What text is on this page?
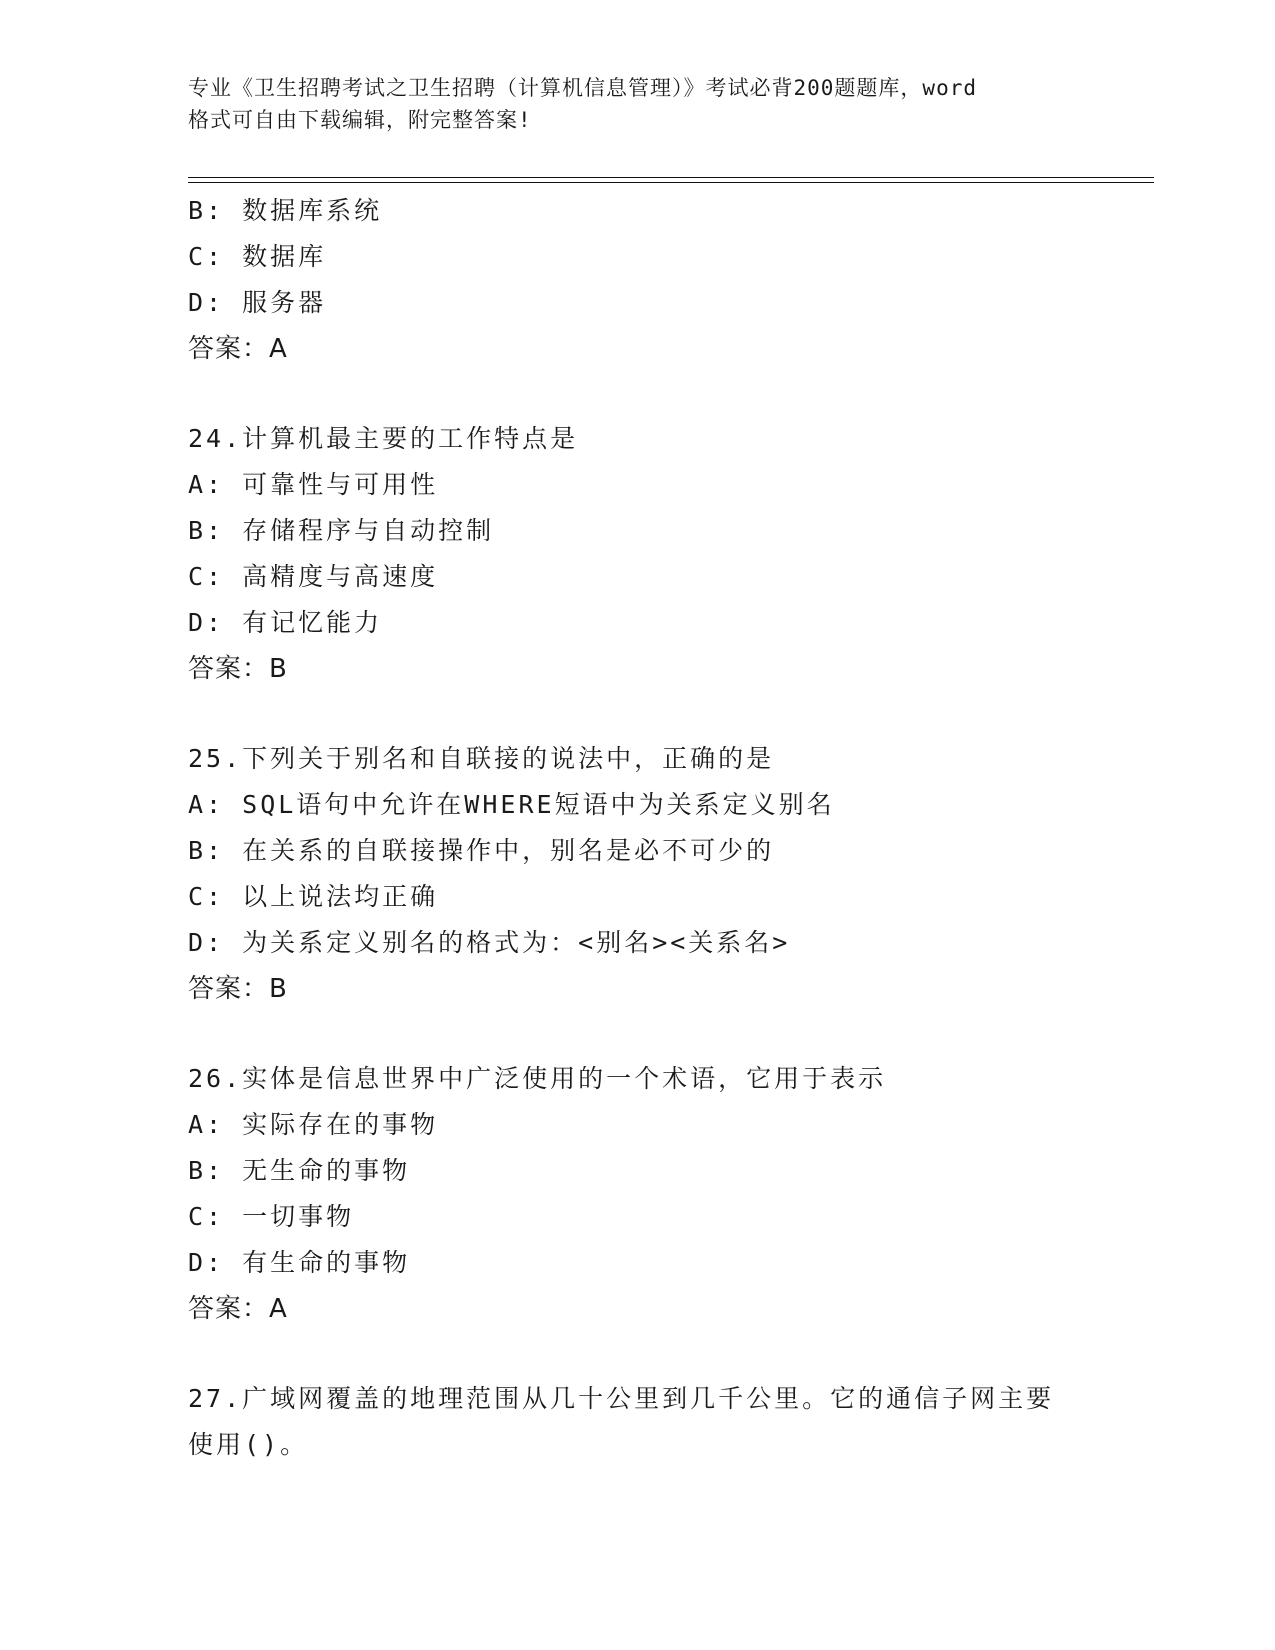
专业《卫生招聘考试之卫生招聘（计算机信息管理）》考试必背200题题库，word
格式可自由下载编辑，附完整答案!
B: 数据库系统
C: 数据库
D: 服务器
答案：A
24.计算机最主要的工作特点是
A: 可靠性与可用性
B: 存储程序与自动控制
C: 高精度与高速度
D: 有记忆能力
答案：B
25.下列关于别名和自联接的说法中，正确的是
A: SQL语句中允许在WHERE短语中为关系定义别名
B: 在关系的自联接操作中，别名是必不可少的
C: 以上说法均正确
D: 为关系定义别名的格式为：<别名><关系名>
答案：B
26.实体是信息世界中广泛使用的一个术语，它用于表示
A: 实际存在的事物
B: 无生命的事物
C: 一切事物
D: 有生命的事物
答案：A
27.广域网覆盖的地理范围从几十公里到几千公里。它的通信子网主要
使用()。
